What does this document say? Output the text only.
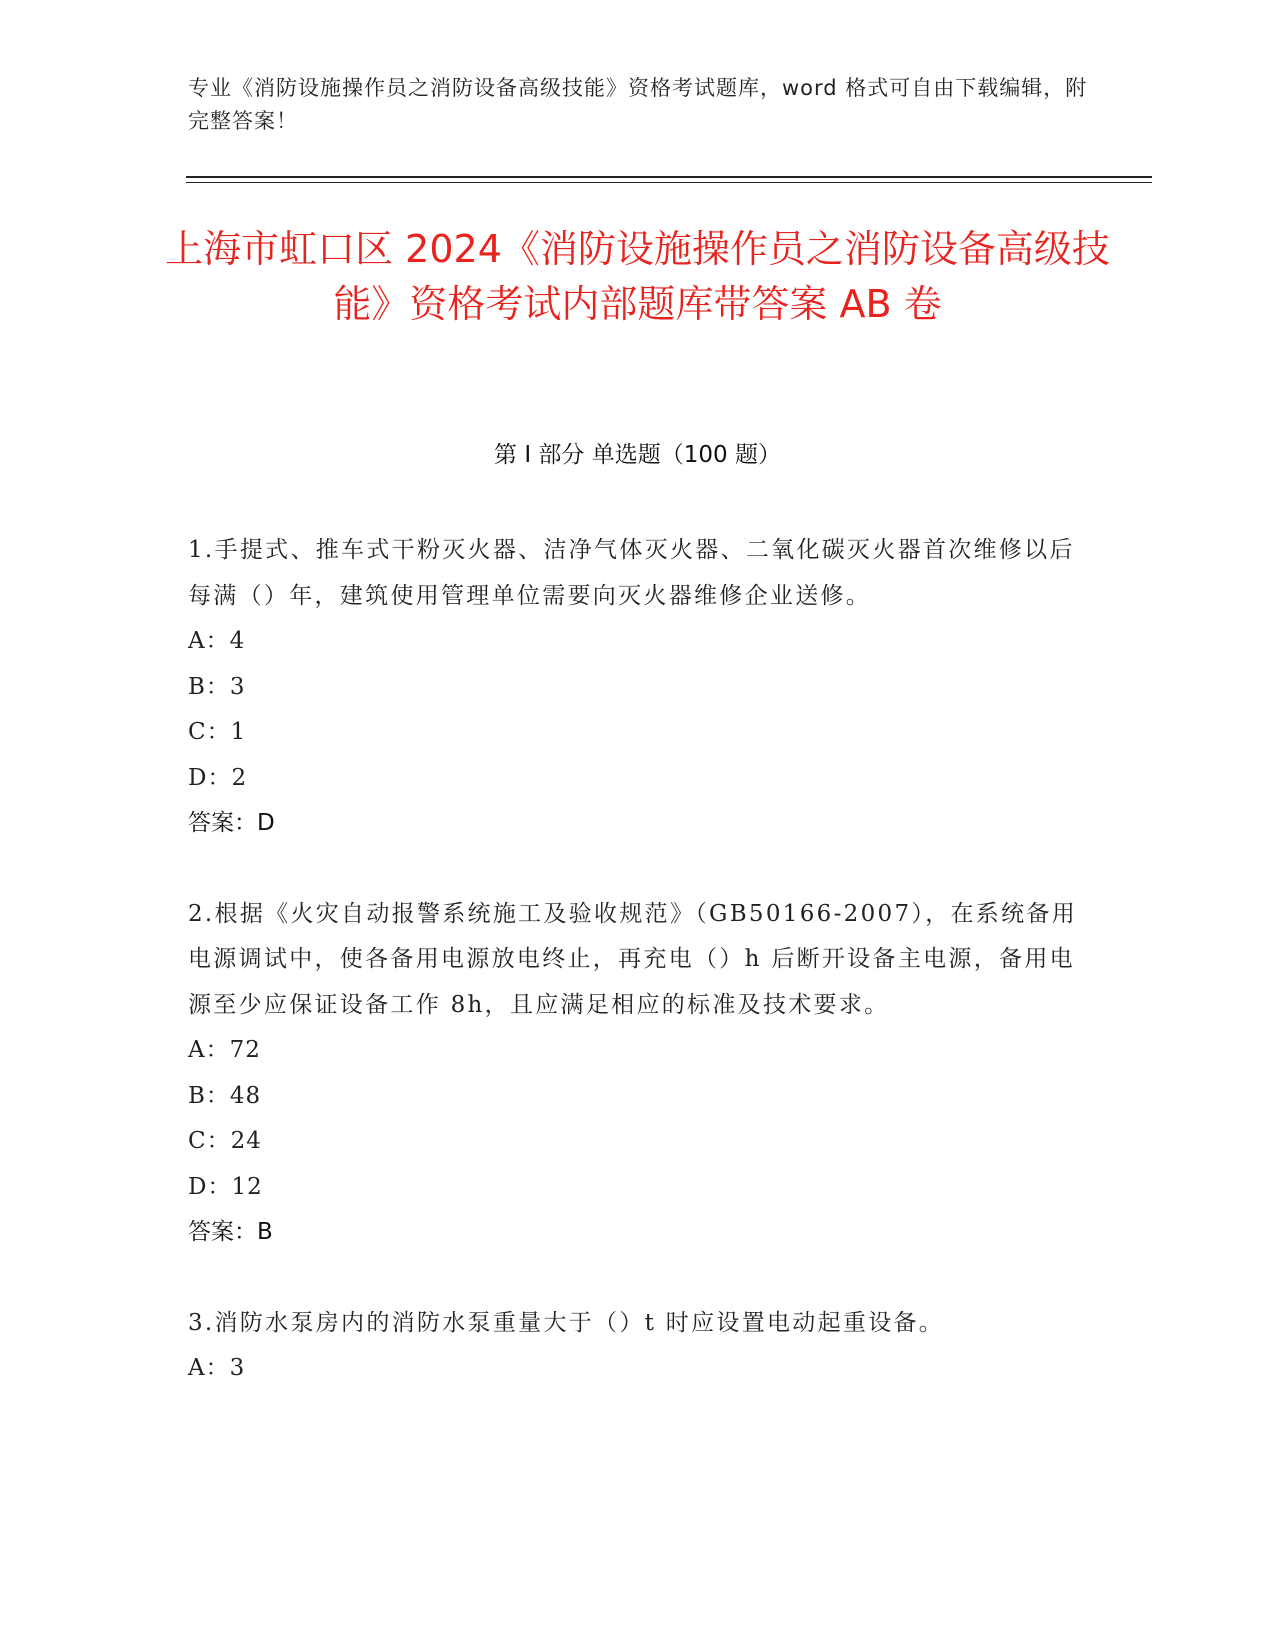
专业《消防设施操作员之消防设备高级技能》资格考试题库，word 格式可自由下载编辑，附完整答案！
上海市虹口区 2024《消防设施操作员之消防设备高级技能》资格考试内部题库带答案 AB 卷
第 I 部分 单选题（100 题）
1.手提式、推车式干粉灭火器、洁净气体灭火器、二氧化碳灭火器首次维修以后每满（）年，建筑使用管理单位需要向灭火器维修企业送修。
A：4
B：3
C：1
D：2
答案：D
2.根据《火灾自动报警系统施工及验收规范》（GB50166-2007），在系统备用电源调试中，使各备用电源放电终止，再充电（）h 后断开设备主电源，备用电源至少应保证设备工作 8h，且应满足相应的标准及技术要求。
A：72
B：48
C：24
D：12
答案：B
3.消防水泵房内的消防水泵重量大于（）t 时应设置电动起重设备。
A：3
